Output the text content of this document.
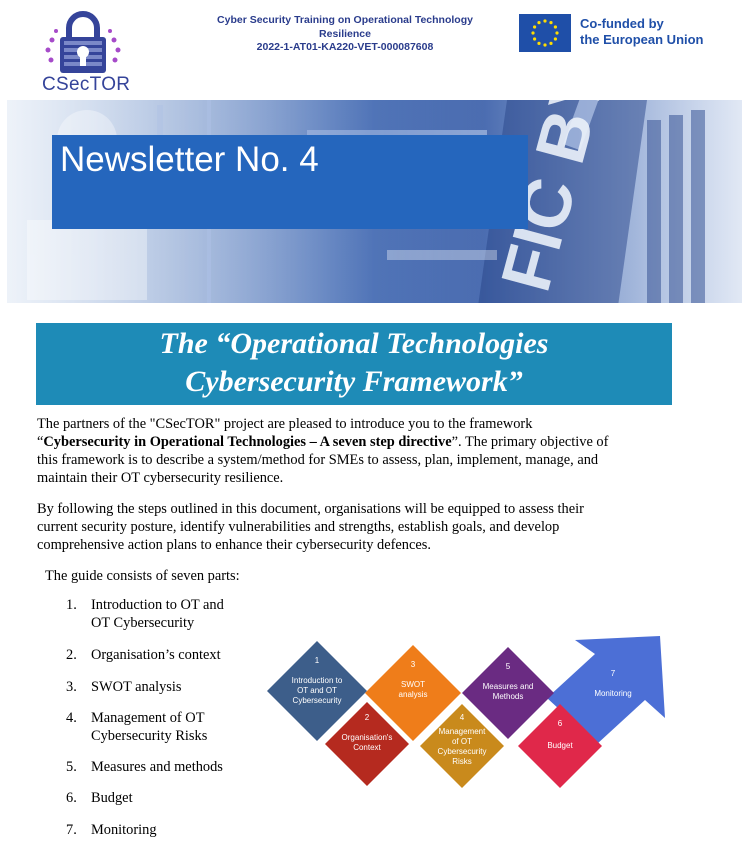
CSecTOR
Cyber Security Training on Operational Technology
Resilience
2022-1-AT01-KA220-VET-000087608
Co-funded by
the European Union
Newsletter No. 4
The “Operational Technologies
Cybersecurity Framework”
The partners of the "CSecTOR" project are pleased to introduce you to the framework
“Cybersecurity in Operational Technologies – A seven step directive”. The primary objective of
this framework is to describe a system/method for SMEs to assess, plan, implement, manage, and
maintain their OT cybersecurity resilience.
By following the steps outlined in this document, organisations will be equipped to assess their
current security posture, identify vulnerabilities and strengths, establish goals, and develop
comprehensive action plans to enhance their cybersecurity defences.
The guide consists of seven parts:
1. Introduction to OT and
OT Cybersecurity
2. Organisation’s context
3. SWOT analysis
4. Management of OT
Cybersecurity Risks
5. Measures and methods
6. Budget
7. Monitoring
1
Introduction to
OT and OT
Cybersecurity
2
Organisation's
Context
3
SWOT
analysis
4
Management
of OT
Cybersecurity
Risks
5
Measures and
Methods
6
Budget
7
Monitoring
